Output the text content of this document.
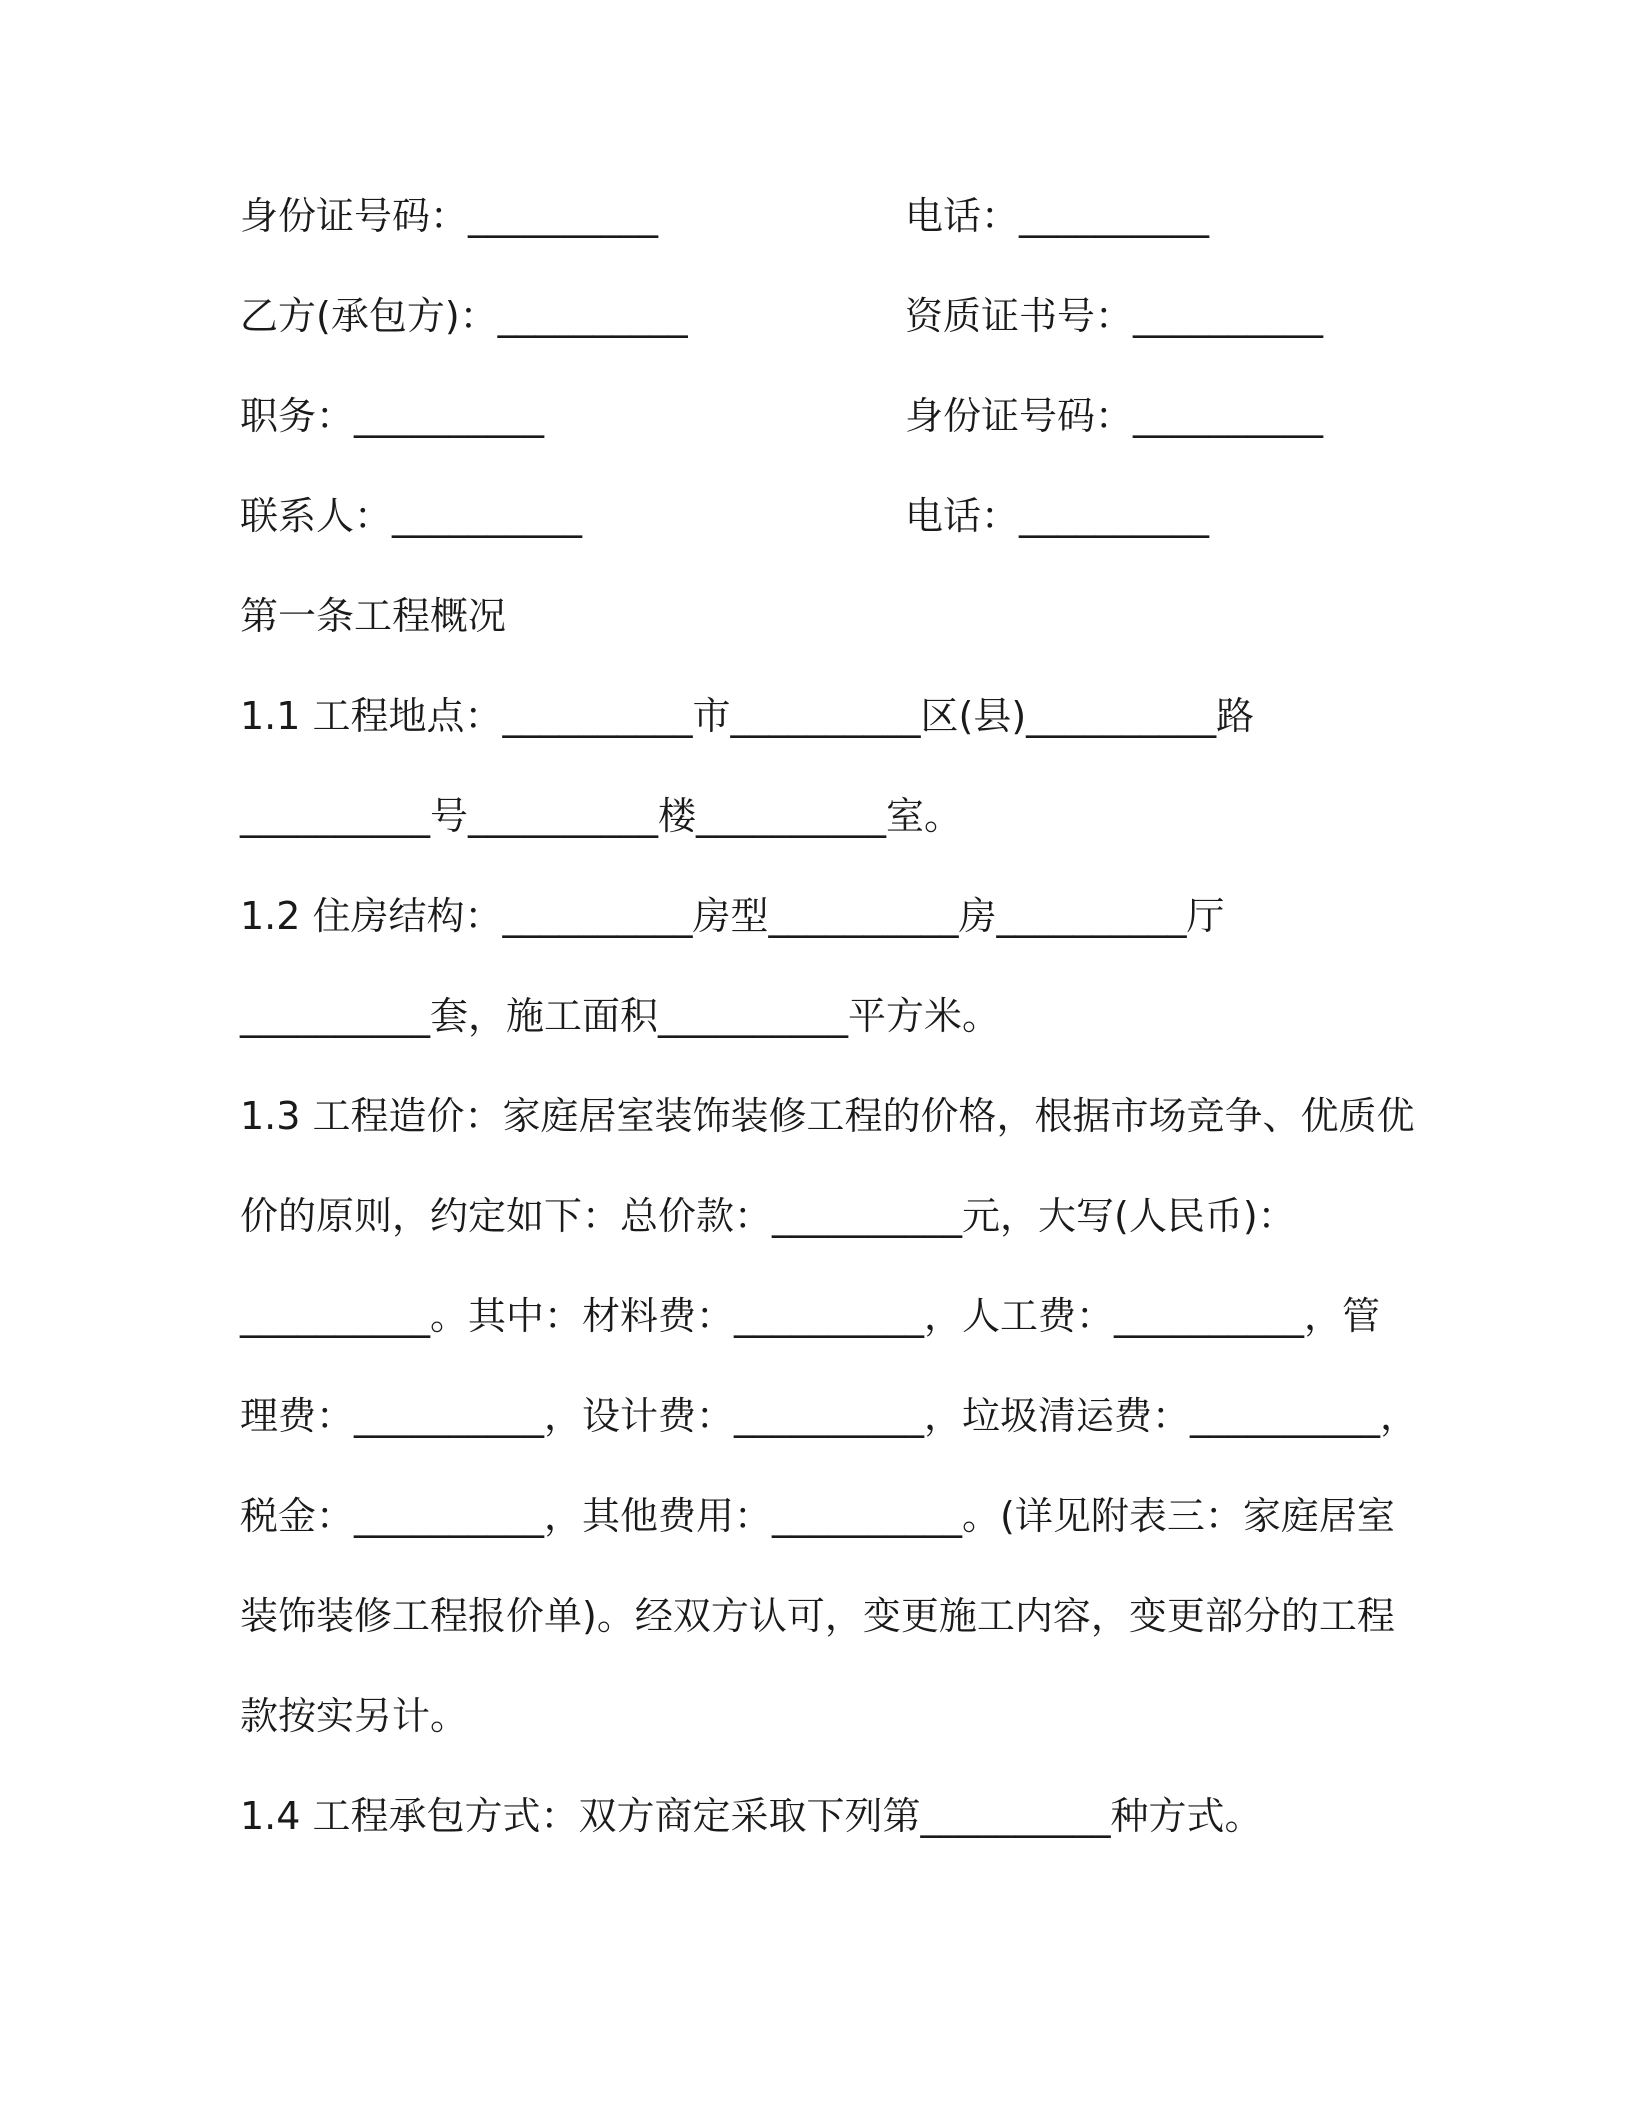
身份证号码：__________	电话：__________
乙方(承包方)：__________	资质证书号：__________
职务：__________	身份证号码：__________
联系人：__________	电话：__________
第一条工程概况
1.1 工程地点：__________市__________区(县)__________路
__________号__________楼__________室。
1.2 住房结构：__________房型__________房__________厅
__________套，施工面积__________平方米。
1.3 工程造价：家庭居室装饰装修工程的价格，根据市场竞争、优质优
价的原则，约定如下：总价款：__________元，大写(人民币)：
__________。其中：材料费：__________，人工费：__________，管
理费：__________，设计费：__________，垃圾清运费：__________，
税金：__________，其他费用：__________。(详见附表三：家庭居室
装饰装修工程报价单)。经双方认可，变更施工内容，变更部分的工程
款按实另计。
1.4 工程承包方式：双方商定采取下列第__________种方式。
